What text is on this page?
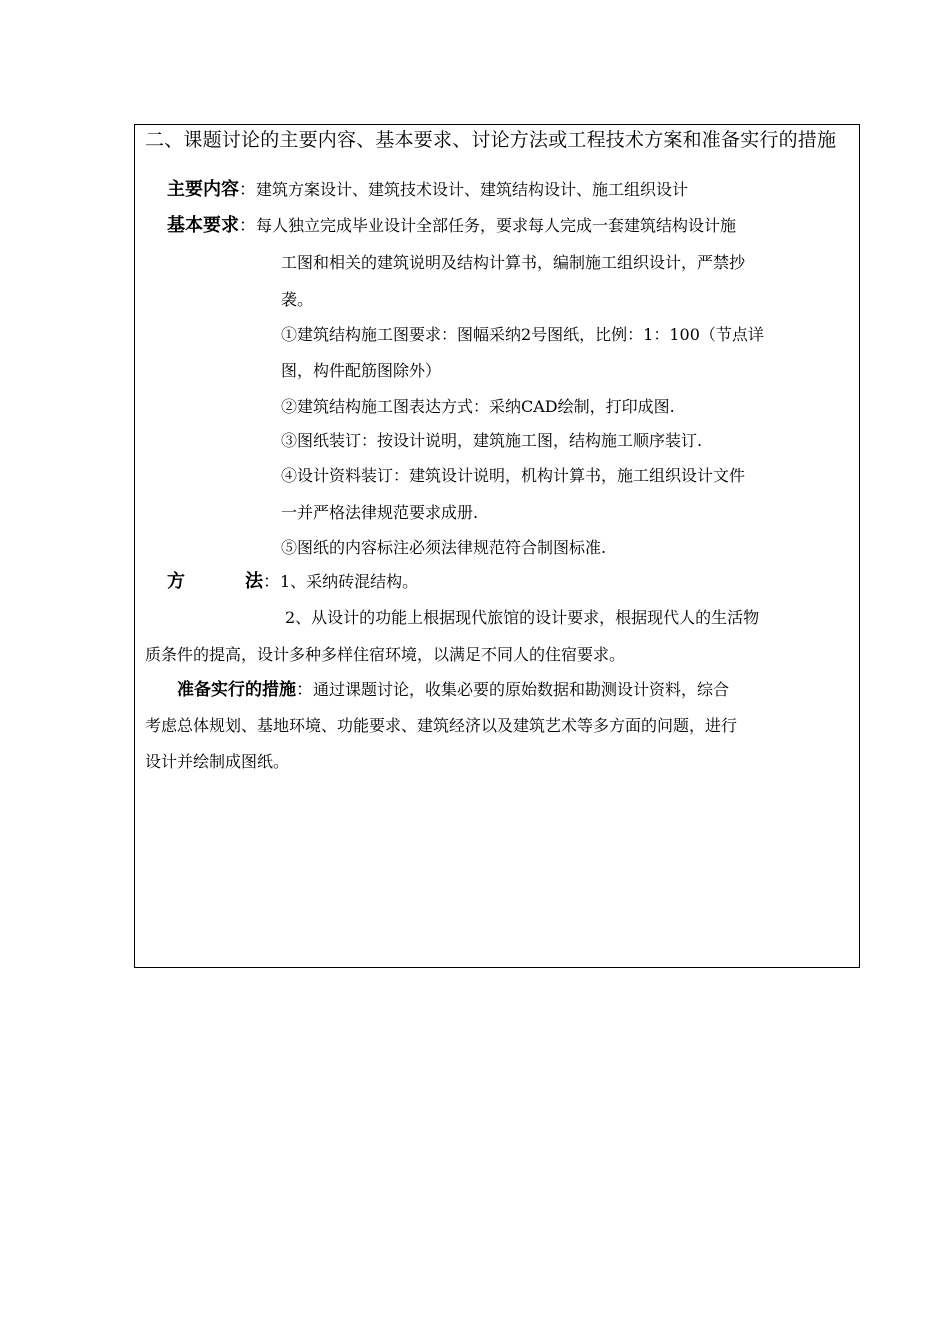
二、课题讨论的主要内容、基本要求、讨论方法或工程技术方案和准备实行的措施
主要内容：建筑方案设计、建筑技术设计、建筑结构设计、施工组织设计
基本要求：每人独立完成毕业设计全部任务，要求每人完成一套建筑结构设计施
工图和相关的建筑说明及结构计算书，编制施工组织设计，严禁抄
袭。
①建筑结构施工图要求：图幅采纳2号图纸，比例：1：100（节点详
图，构件配筋图除外）
②建筑结构施工图表达方式：采纳CAD绘制，打印成图.
③图纸装订：按设计说明，建筑施工图，结构施工顺序装订.
④设计资料装订：建筑设计说明，机构计算书，施工组织设计文件
一并严格法律规范要求成册.
⑤图纸的内容标注必须法律规范符合制图标准.
方	法 ：1、采纳砖混结构。
2、从设计的功能上根据现代旅馆的设计要求，根据现代人的生活物
质条件的提高，设计多种多样住宿环境，以满足不同人的住宿要求。
准备实行的措施：通过课题讨论，收集必要的原始数据和勘测设计资料，综合
考虑总体规划、基地环境、功能要求、建筑经济以及建筑艺术等多方面的问题，进行
设计并绘制成图纸。
